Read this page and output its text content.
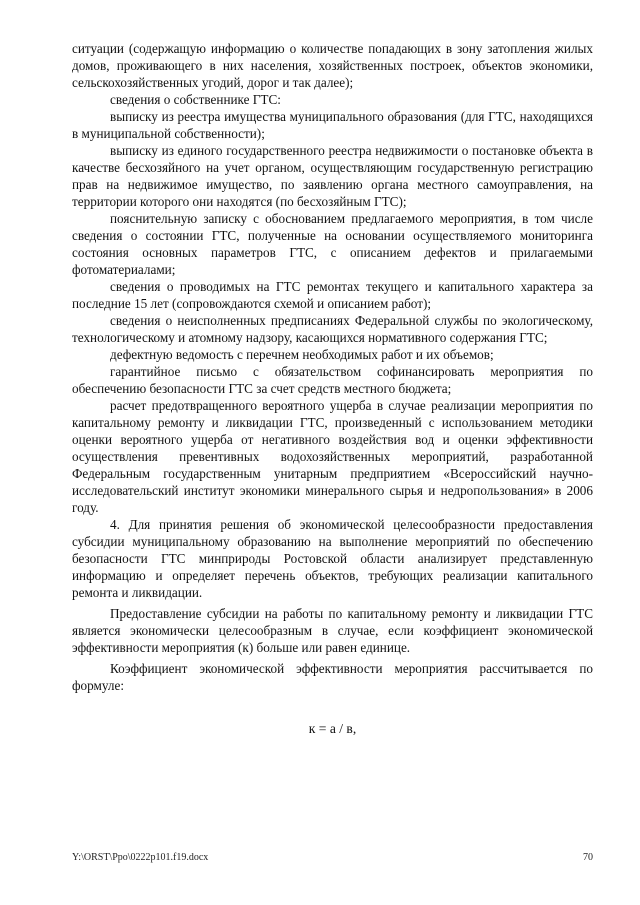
ситуации (содержащую информацию о количестве попадающих в зону затопления жилых домов, проживающего в них населения, хозяйственных построек, объектов экономики, сельскохозяйственных угодий, дорог и так далее);

сведения о собственнике ГТС:

выписку из реестра имущества муниципального образования (для ГТС, находящихся в муниципальной собственности);

выписку из единого государственного реестра недвижимости о постановке объекта в качестве бесхозяйного на учет органом, осуществляющим государственную регистрацию прав на недвижимое имущество, по заявлению органа местного самоуправления, на территории которого они находятся (по бесхозяйным ГТС);

пояснительную записку с обоснованием предлагаемого мероприятия, в том числе сведения о состоянии ГТС, полученные на основании осуществляемого мониторинга состояния основных параметров ГТС, с описанием дефектов и прилагаемыми фотоматериалами;

сведения о проводимых на ГТС ремонтах текущего и капитального характера за последние 15 лет (сопровождаются схемой и описанием работ);

сведения о неисполненных предписаниях Федеральной службы по экологическому, технологическому и атомному надзору, касающихся нормативного содержания ГТС;

дефектную ведомость с перечнем необходимых работ и их объемов;

гарантийное письмо с обязательством софинансировать мероприятия по обеспечению безопасности ГТС за счет средств местного бюджета;

расчет предотвращенного вероятного ущерба в случае реализации мероприятия по капитальному ремонту и ликвидации ГТС, произведенный с использованием методики оценки вероятного ущерба от негативного воздействия вод и оценки эффективности осуществления превентивных водохозяйственных мероприятий, разработанной Федеральным государственным унитарным предприятием «Всероссийский научно-исследовательский институт экономики минерального сырья и недропользования» в 2006 году.

4. Для принятия решения об экономической целесообразности предоставления субсидии муниципальному образованию на выполнение мероприятий по обеспечению безопасности ГТС минприроды Ростовской области анализирует представленную информацию и определяет перечень объектов, требующих реализации капитального ремонта и ликвидации.

Предоставление субсидии на работы по капитальному ремонту и ликвидации ГТС является экономически целесообразным в случае, если коэффициент экономической эффективности мероприятия (к) больше или равен единице.

Коэффициент экономической эффективности мероприятия рассчитывается по формуле:

к = а / в,

Y:\ORST\Ppo\0222p101.f19.docx	70
